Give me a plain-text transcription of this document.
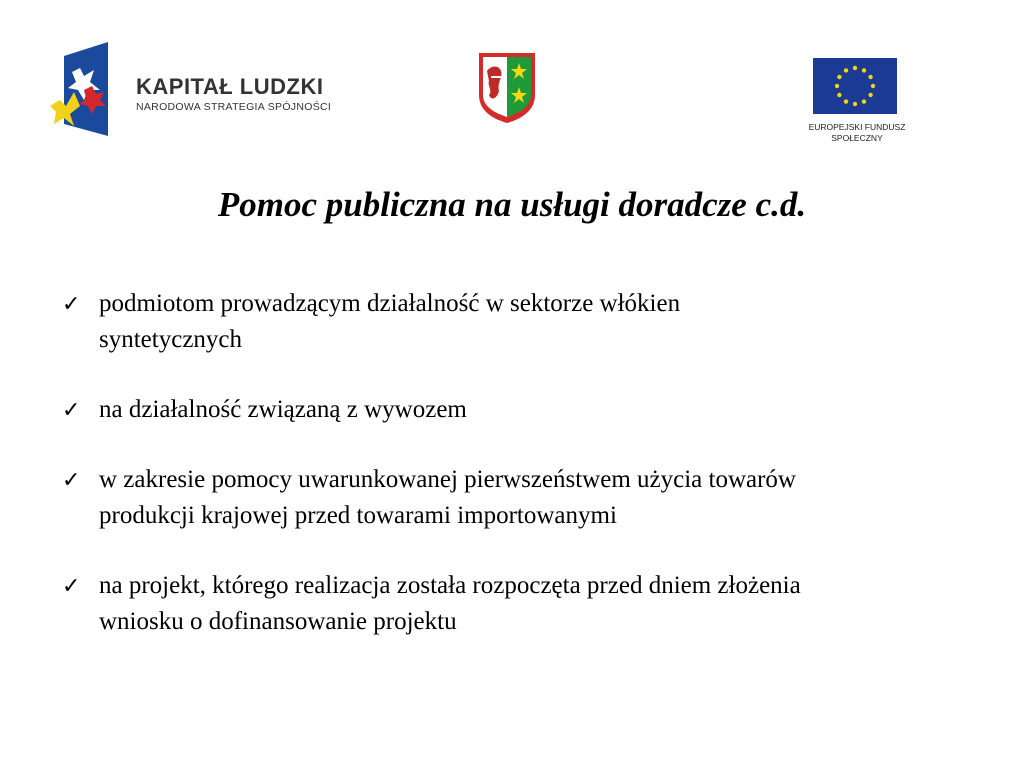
KAPITAŁ LUDZKI
NARODOWA STRATEGIA SPÓJNOŚCI
EUROPEJSKI FUNDUSZ
SPOŁECZNY
Pomoc publiczna na usługi doradcze c.d.
✓ podmiotom prowadzącym działalność w sektorze włókien
syntetycznych
✓ na działalność związaną z wywozem
✓ w zakresie pomocy uwarunkowanej pierwszeństwem użycia towarów
produkcji krajowej przed towarami importowanymi
✓ na projekt, którego realizacja została rozpoczęta przed dniem złożenia
wniosku o dofinansowanie projektu
